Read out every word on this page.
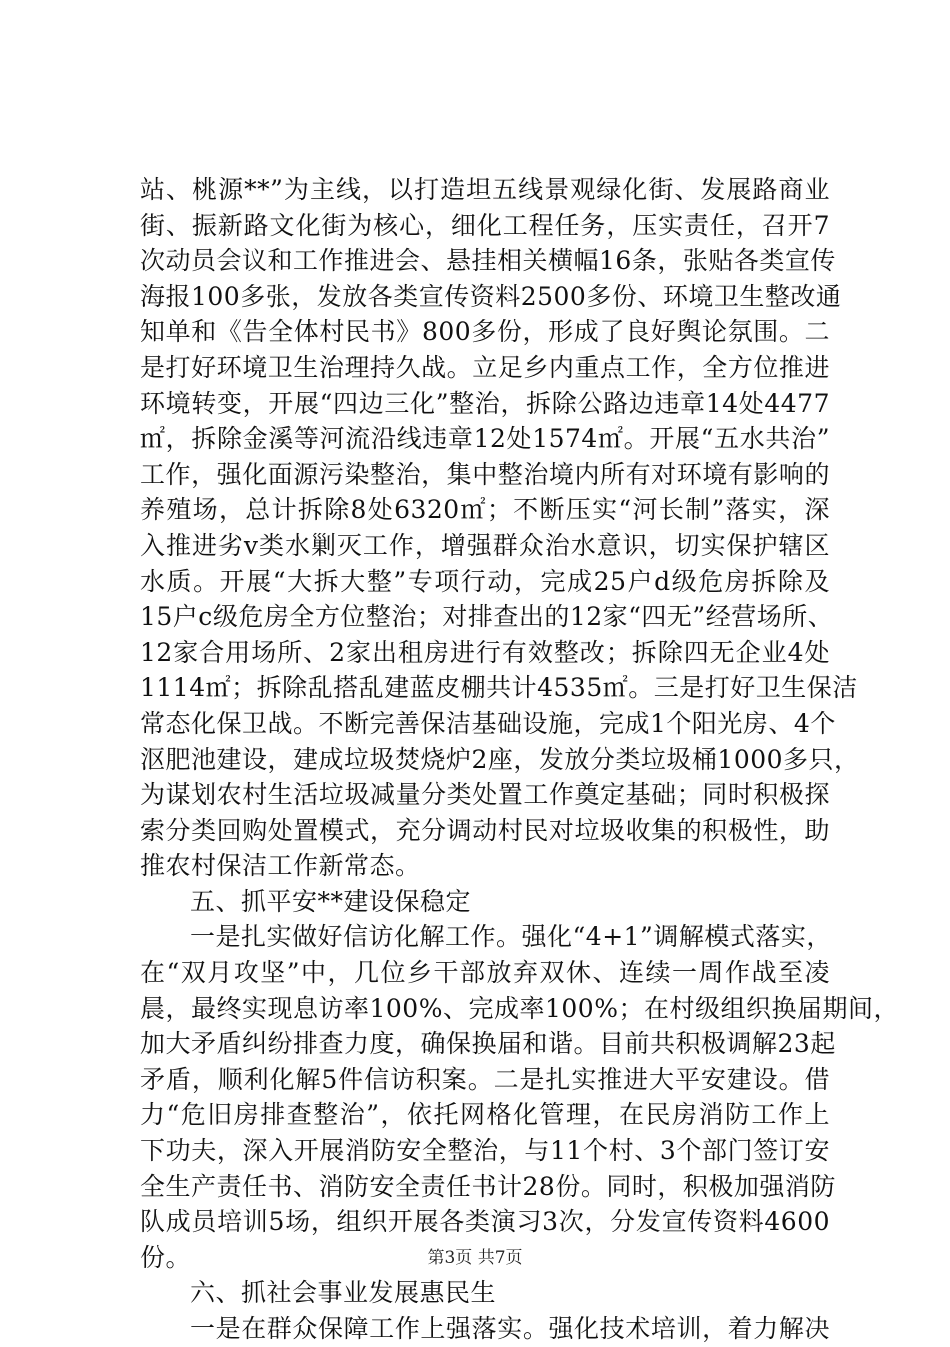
站、桃源**”为主线，以打造坦五线景观绿化街、发展路商业
街、振新路文化街为核心，细化工程任务，压实责任，召开7
次动员会议和工作推进会、悬挂相关横幅16条，张贴各类宣传
海报100多张，发放各类宣传资料2500多份、环境卫生整改通
知单和《告全体村民书》800多份，形成了良好舆论氛围。二
是打好环境卫生治理持久战。立足乡内重点工作，全方位推进
环境转变，开展“四边三化”整治，拆除公路边违章14处4477
㎡，拆除金溪等河流沿线违章12处1574㎡。开展“五水共治”
工作，强化面源污染整治，集中整治境内所有对环境有影响的
养殖场，总计拆除8处6320㎡；不断压实“河长制”落实，深
入推进劣v类水剿灭工作，增强群众治水意识，切实保护辖区
水质。开展“大拆大整”专项行动，完成25户d级危房拆除及
15户c级危房全方位整治；对排查出的12家“四无”经营场所、
12家合用场所、2家出租房进行有效整改；拆除四无企业4处
1114㎡；拆除乱搭乱建蓝皮棚共计4535㎡。三是打好卫生保洁
常态化保卫战。不断完善保洁基础设施，完成1个阳光房、4个
沤肥池建设，建成垃圾焚烧炉2座，发放分类垃圾桶1000多只，
为谋划农村生活垃圾减量分类处置工作奠定基础；同时积极探
索分类回购处置模式，充分调动村民对垃圾收集的积极性，助
推农村保洁工作新常态。
五、抓平安**建设保稳定
一是扎实做好信访化解工作。强化“4+1”调解模式落实，
在“双月攻坚”中，几位乡干部放弃双休、连续一周作战至凌
晨，最终实现息访率100%、完成率100%；在村级组织换届期间，
加大矛盾纠纷排查力度，确保换届和谐。目前共积极调解23起
矛盾，顺利化解5件信访积案。二是扎实推进大平安建设。借
力“危旧房排查整治”，依托网格化管理，在民房消防工作上
下功夫，深入开展消防安全整治，与11个村、3个部门签订安
全生产责任书、消防安全责任书计28份。同时，积极加强消防
队成员培训5场，组织开展各类演习3次，分发宣传资料4600
份。
六、抓社会事业发展惠民生
一是在群众保障工作上强落实。强化技术培训，着力解决
第3页 共7页
